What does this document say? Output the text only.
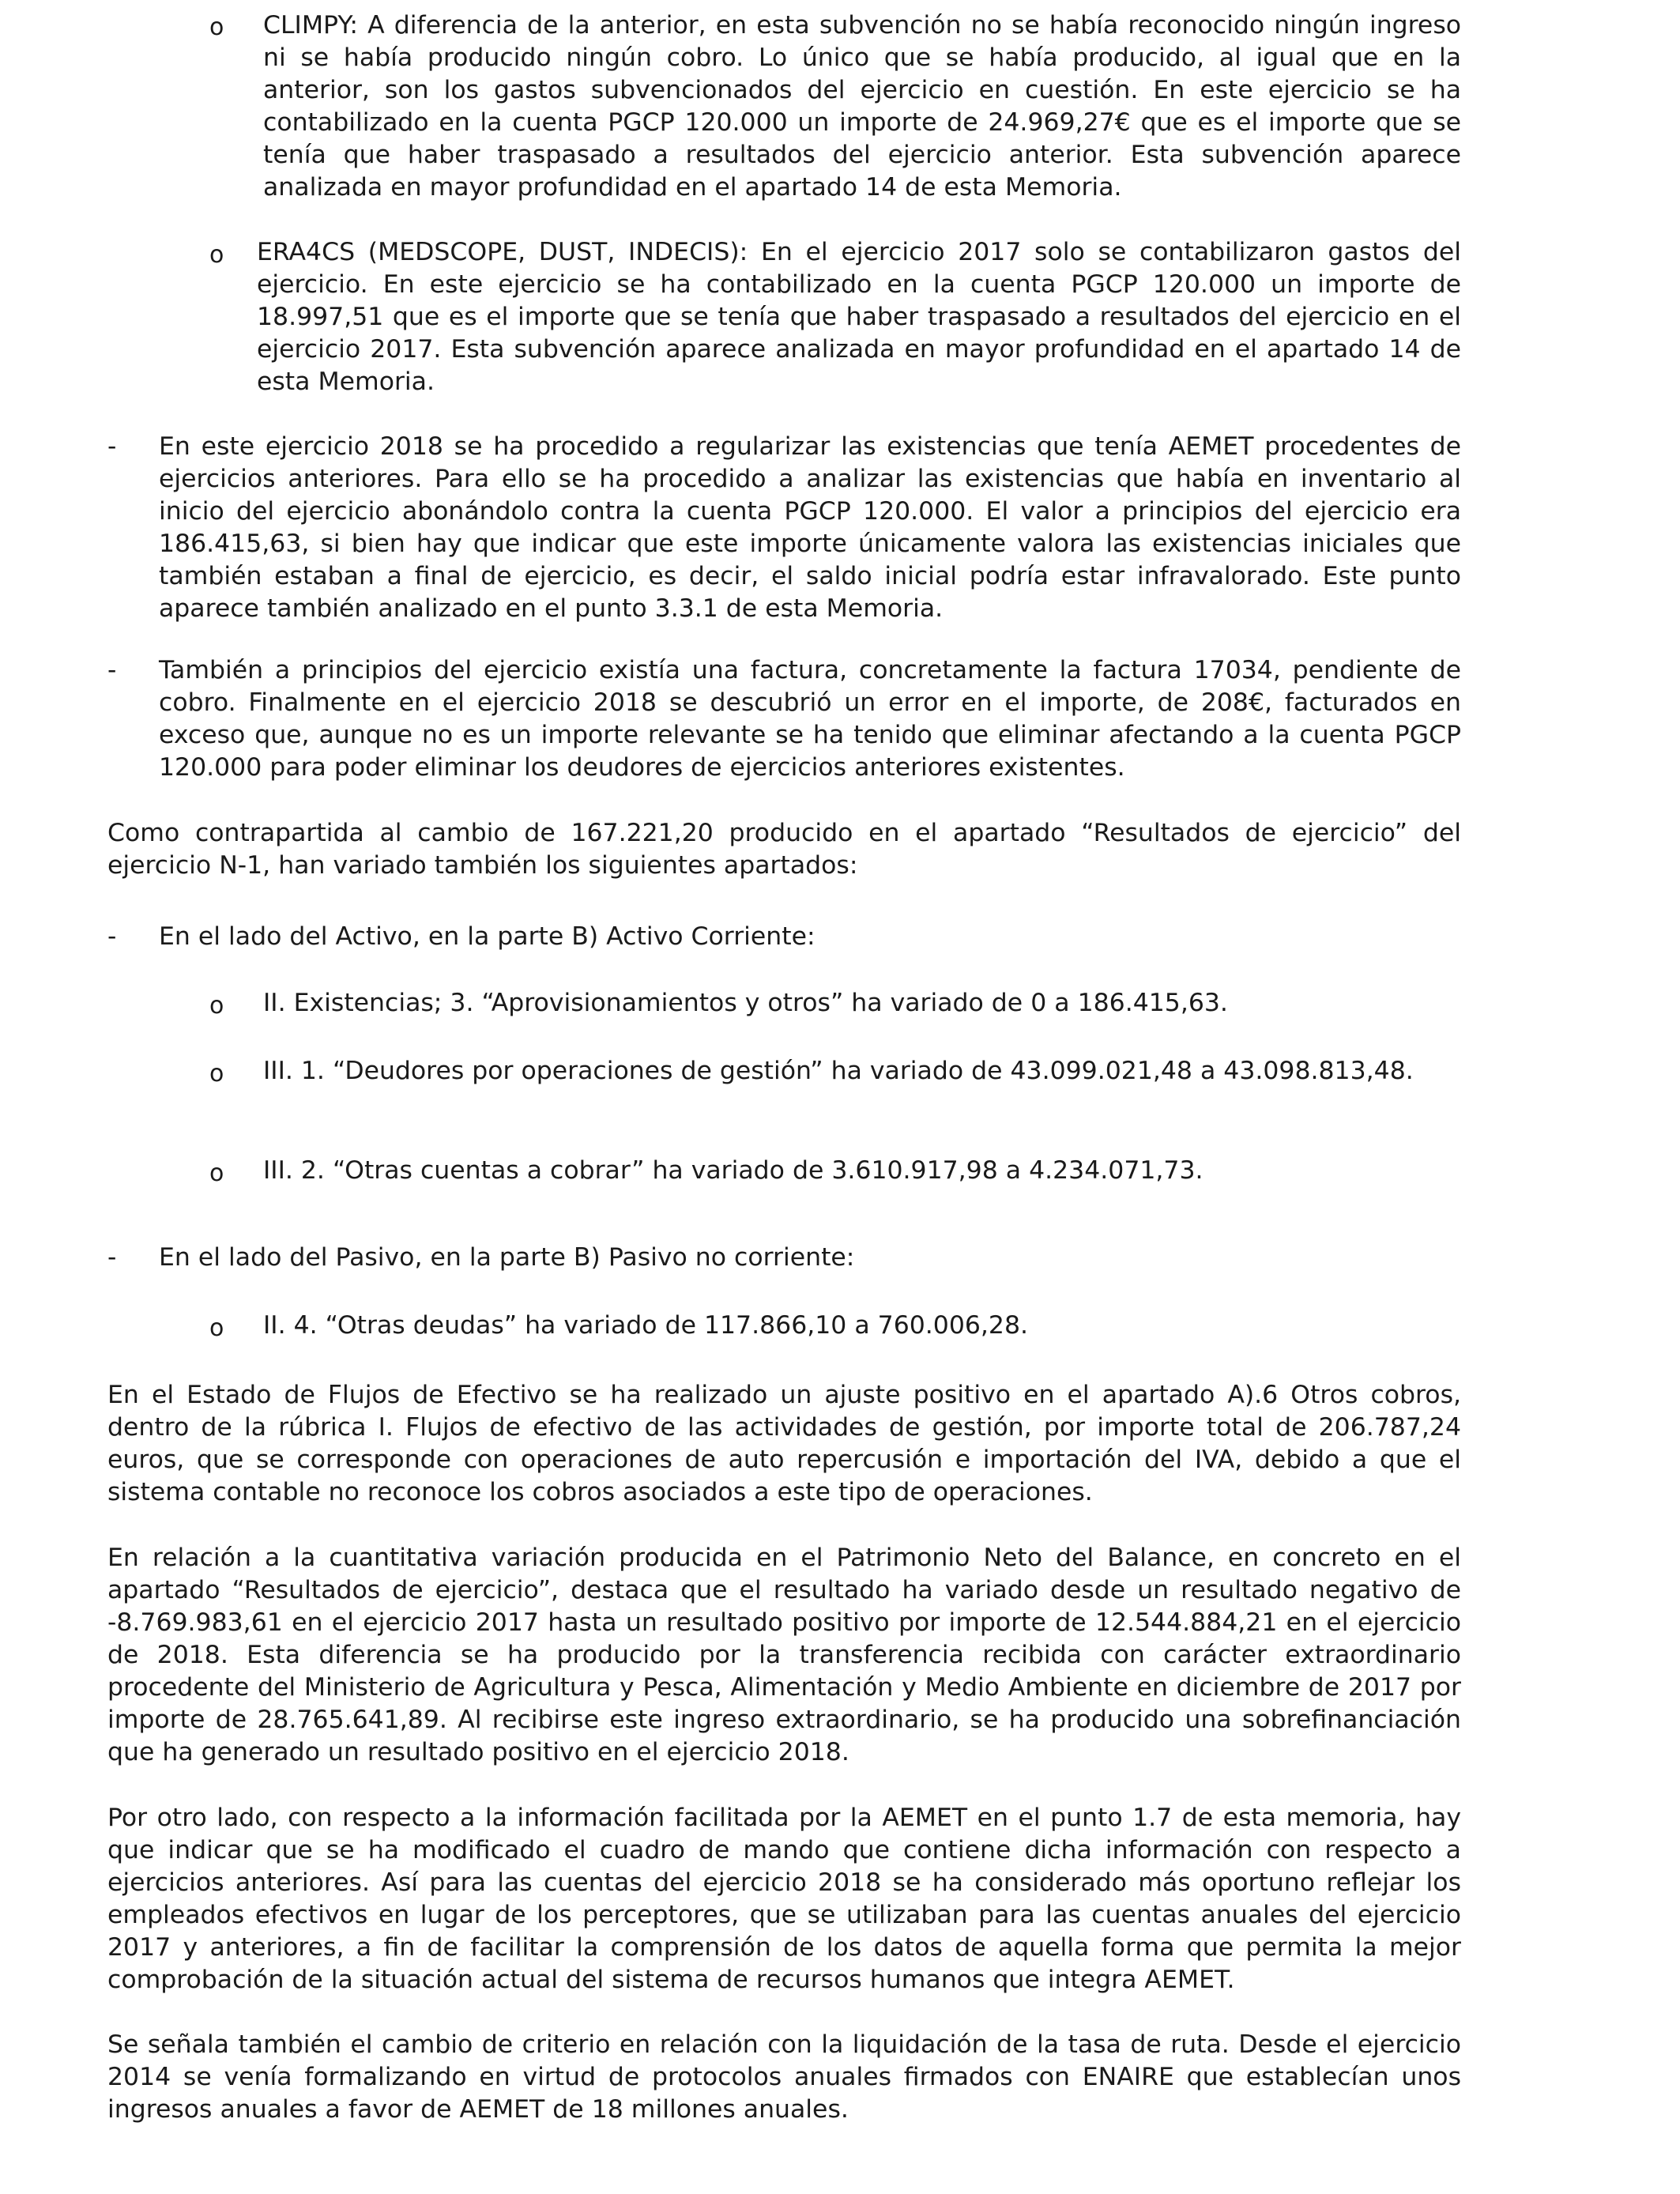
o CLIMPY: A diferencia de la anterior, en esta subvención no se había reconocido ningún ingreso ni se había producido ningún cobro. Lo único que se había producido, al igual que en la anterior, son los gastos subvencionados del ejercicio en cuestión. En este ejercicio se ha contabilizado en la cuenta PGCP 120.000 un importe de 24.969,27€ que es el importe que se tenía que haber traspasado a resultados del ejercicio anterior. Esta subvención aparece analizada en mayor profundidad en el apartado 14 de esta Memoria.
o ERA4CS (MEDSCOPE, DUST, INDECIS): En el ejercicio 2017 solo se contabilizaron gastos del ejercicio. En este ejercicio se ha contabilizado en la cuenta PGCP 120.000 un importe de 18.997,51 que es el importe que se tenía que haber traspasado a resultados del ejercicio en el ejercicio 2017. Esta subvención aparece analizada en mayor profundidad en el apartado 14 de esta Memoria.
- En este ejercicio 2018 se ha procedido a regularizar las existencias que tenía AEMET procedentes de ejercicios anteriores. Para ello se ha procedido a analizar las existencias que había en inventario al inicio del ejercicio abonándolo contra la cuenta PGCP 120.000. El valor a principios del ejercicio era 186.415,63, si bien hay que indicar que este importe únicamente valora las existencias iniciales que también estaban a final de ejercicio, es decir, el saldo inicial podría estar infravalorado. Este punto aparece también analizado en el punto 3.3.1 de esta Memoria.
- También a principios del ejercicio existía una factura, concretamente la factura 17034, pendiente de cobro. Finalmente en el ejercicio 2018 se descubrió un error en el importe, de 208€, facturados en exceso que, aunque no es un importe relevante se ha tenido que eliminar afectando a la cuenta PGCP 120.000 para poder eliminar los deudores de ejercicios anteriores existentes.
Como contrapartida al cambio de 167.221,20 producido en el apartado “Resultados de ejercicio” del ejercicio N-1, han variado también los siguientes apartados:
- En el lado del Activo, en la parte B) Activo Corriente:
o II. Existencias; 3. “Aprovisionamientos y otros” ha variado de 0 a 186.415,63.
o III. 1. “Deudores por operaciones de gestión” ha variado de 43.099.021,48 a 43.098.813,48.
o III. 2. “Otras cuentas a cobrar” ha variado de 3.610.917,98 a 4.234.071,73.
- En el lado del Pasivo, en la parte B) Pasivo no corriente:
o II. 4. “Otras deudas” ha variado de 117.866,10 a 760.006,28.
En el Estado de Flujos de Efectivo se ha realizado un ajuste positivo en el apartado A).6 Otros cobros, dentro de la rúbrica I. Flujos de efectivo de las actividades de gestión, por importe total de 206.787,24 euros, que se corresponde con operaciones de auto repercusión e importación del IVA, debido a que el sistema contable no reconoce los cobros asociados a este tipo de operaciones.
En relación a la cuantitativa variación producida en el Patrimonio Neto del Balance, en concreto en el apartado “Resultados de ejercicio”, destaca que el resultado ha variado desde un resultado negativo de -8.769.983,61 en el ejercicio 2017 hasta un resultado positivo por importe de 12.544.884,21 en el ejercicio de 2018. Esta diferencia se ha producido por la transferencia recibida con carácter extraordinario procedente del Ministerio de Agricultura y Pesca, Alimentación y Medio Ambiente en diciembre de 2017 por importe de 28.765.641,89. Al recibirse este ingreso extraordinario, se ha producido una sobrefinanciación que ha generado un resultado positivo en el ejercicio 2018.
Por otro lado, con respecto a la información facilitada por la AEMET en el punto 1.7 de esta memoria, hay que indicar que se ha modificado el cuadro de mando que contiene dicha información con respecto a ejercicios anteriores. Así para las cuentas del ejercicio 2018 se ha considerado más oportuno reflejar los empleados efectivos en lugar de los perceptores, que se utilizaban para las cuentas anuales del ejercicio 2017 y anteriores, a fin de facilitar la comprensión de los datos de aquella forma que permita la mejor comprobación de la situación actual del sistema de recursos humanos que integra AEMET.
Se señala también el cambio de criterio en relación con la liquidación de la tasa de ruta. Desde el ejercicio 2014 se venía formalizando en virtud de protocolos anuales firmados con ENAIRE que establecían unos ingresos anuales a favor de AEMET de 18 millones anuales.
